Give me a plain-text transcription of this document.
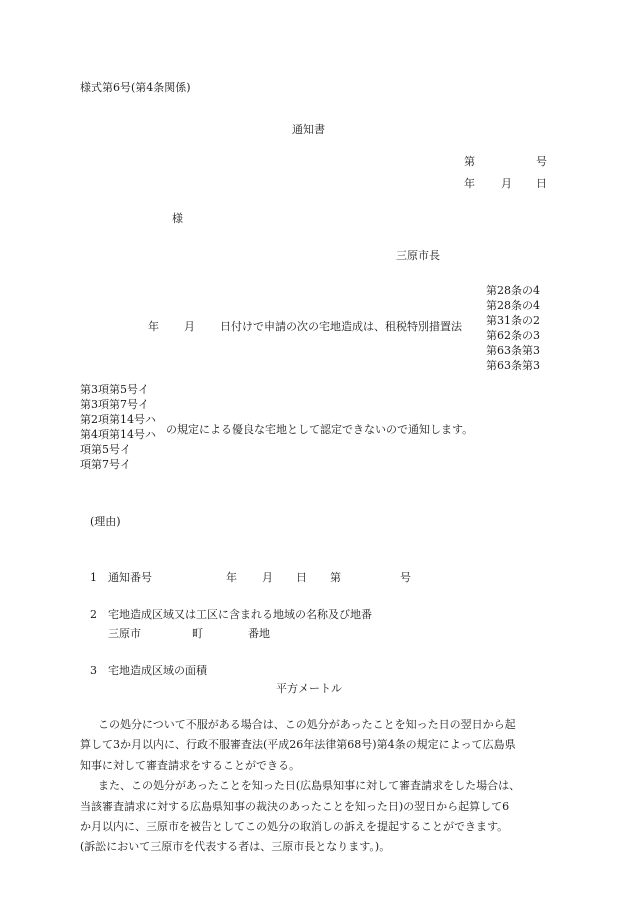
様式第6号(第4条関係)
通知書
第	号
年 月 日
様
三原市長
年 月 日付けで申請の次の宅地造成は、租税特別措置法
第28条の4
第28条の4
第31条の2
第62条の3
第63条第3
第63条第3
第3項第5号イ
第3項第7号イ
第2項第14号ハ
第4項第14号ハ
項第5号イ
項第7号イ
の規定による優良な宅地として認定できないので通知します。
(理由)
1 通知番号	年 月 日 第	号
2 宅地造成区域又は工区に含まれる地域の名称及び地番
三原市	町	番地
3 宅地造成区域の面積
平方メートル
この処分について不服がある場合は、この処分があったことを知った日の翌日から起
算して3か月以内に、行政不服審査法(平成26年法律第68号)第4条の規定によって広島県
知事に対して審査請求をすることができる。
また、この処分があったことを知った日(広島県知事に対して審査請求をした場合は、
当該審査請求に対する広島県知事の裁決のあったことを知った日)の翌日から起算して6
か月以内に、三原市を被告としてこの処分の取消しの訴えを提起することができます。
(訴訟において三原市を代表する者は、三原市長となります。)。
